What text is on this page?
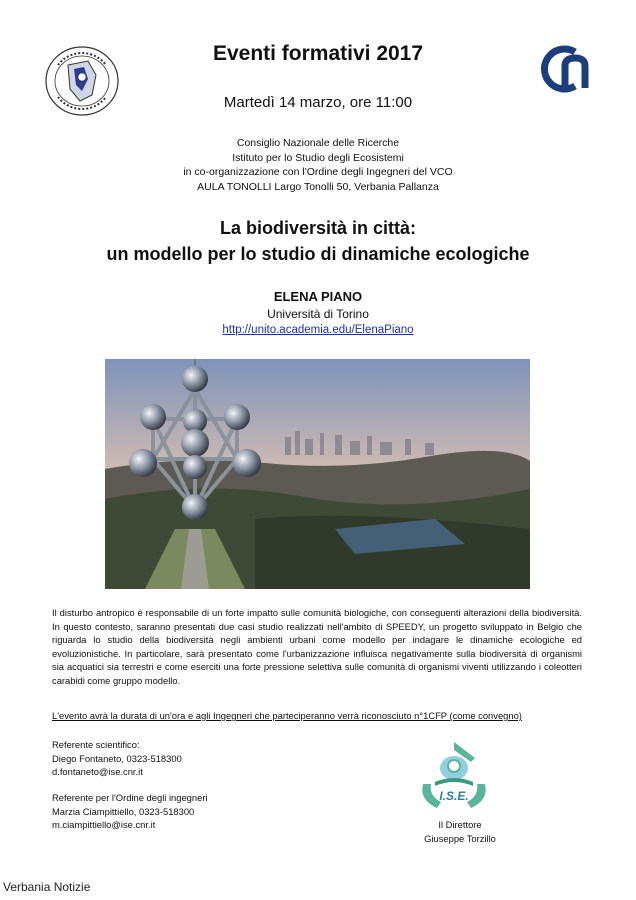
Eventi formativi 2017
Martedì 14 marzo, ore 11:00
Consiglio Nazionale delle Ricerche
Istituto per lo Studio degli Ecosistemi
in co-organizzazione con l'Ordine degli Ingegneri del VCO
AULA TONOLLI Largo Tonolli 50, Verbania Pallanza
La biodiversità in città:
un modello per lo studio di dinamiche ecologiche
ELENA PIANO
Università di Torino
http://unito.academia.edu/ElenaPiano
Il disturbo antropico è responsabile di un forte impatto sulle comunità biologiche, con conseguenti alterazioni della biodiversità. In questo contesto, saranno presentati due casi studio realizzati nell'ambito di SPEEDY, un progetto sviluppato in Belgio che riguarda lo studio della biodiversità negli ambienti urbani come modello per indagare le dinamiche ecologiche ed evoluzionistiche. In particolare, sarà presentato come l'urbanizzazione influisca negativamente sulla biodiversità di organismi sia acquatici sia terrestri e come eserciti una forte pressione selettiva sulle comunità di organismi viventi utilizzando i coleotteri carabidi come gruppo modello.
L'evento avrà la durata di un'ora e agli Ingegneri che parteciperanno verrà riconosciuto n°1CFP (come convegno)
Referente scientifico:
Diego Fontaneto, 0323-518300
d.fontaneto@ise.cnr.it
Referente per l'Ordine degli ingegneri
Marzia Ciampittiello, 0323-518300
m.ciampittiello@ise.cnr.it
I.S.E.
Il Direttore
Giuseppe Torzillo
Verbania Notizie
